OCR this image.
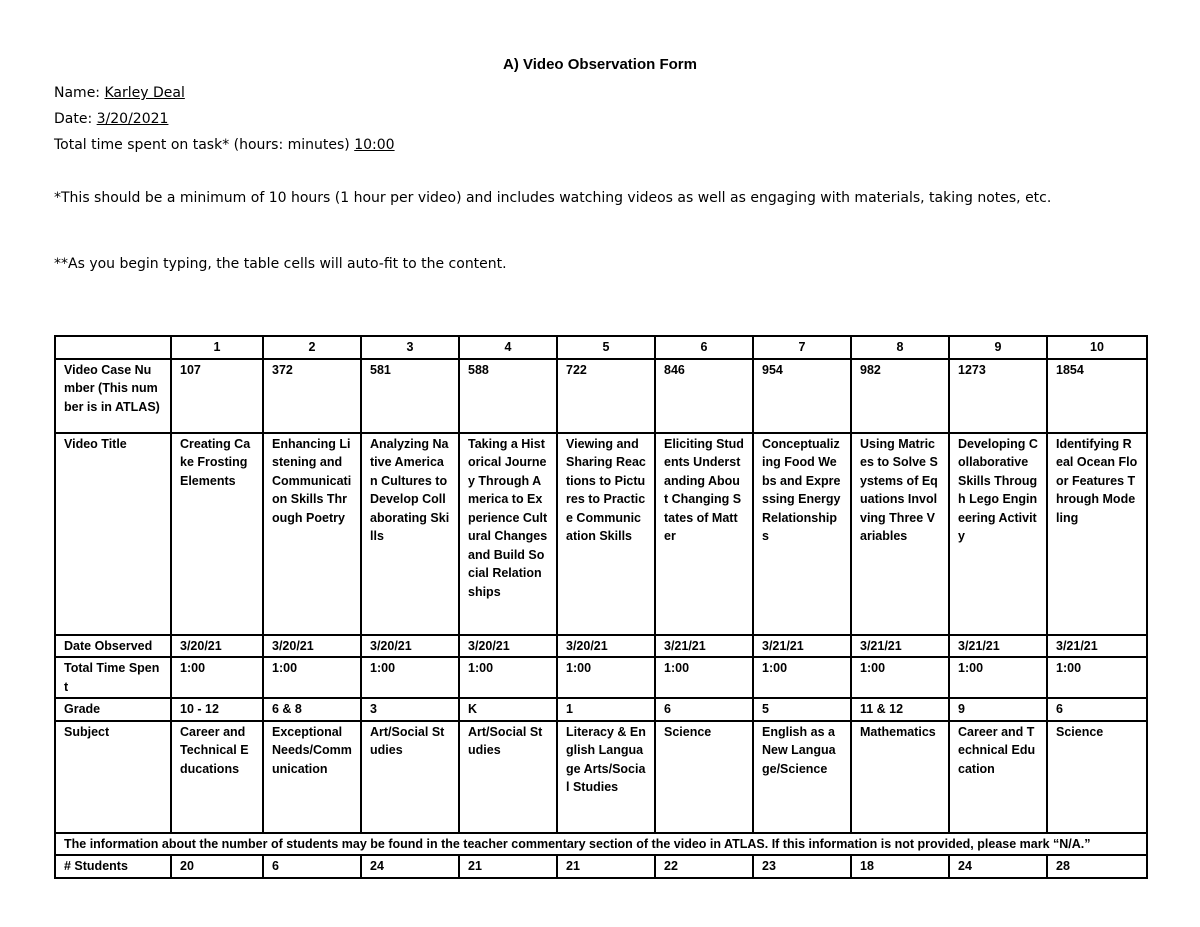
A) Video Observation Form
Name: Karley Deal
Date: 3/20/2021
Total time spent on task* (hours: minutes) 10:00
*This should be a minimum of 10 hours (1 hour per video) and includes watching videos as well as engaging with materials, taking notes, etc.
**As you begin typing, the table cells will auto-fit to the content.
	1	2	3	4	5	6	7	8	9	10
Video Case Number (This number is in ATLAS)	107	372	581	588	722	846	954	982	1273	1854
Video Title	Creating Cake Frosting Elements	Enhancing Listening and Communication Skills Through Poetry	Analyzing Native American Cultures to Develop Collaborating Skills	Taking a Historical Journey Through America to Experience Cultural Changes and Build Social Relationships	Viewing and Sharing Reactions to Pictures to Practice Communication Skills	Eliciting Students Understanding About Changing States of Matter	Conceptualizing Food Webs and Expressing Energy Relationships	Using Matrices to Solve Systems of Equations Involving Three Variables	Developing Collaborative Skills Through Lego Engineering Activity	Identifying Real Ocean Floor Features Through Modeling
Date Observed	3/20/21	3/20/21	3/20/21	3/20/21	3/20/21	3/21/21	3/21/21	3/21/21	3/21/21	3/21/21
Total Time Spent	1:00	1:00	1:00	1:00	1:00	1:00	1:00	1:00	1:00	1:00
Grade	10 - 12	6 & 8	3	K	1	6	5	11 & 12	9	6
Subject	Career and Technical Educations	Exceptional Needs/Communication	Art/Social Studies	Art/Social Studies	Literacy & English Language Arts/Social Studies	Science	English as a New Language/Science	Mathematics	Career and Technical Education	Science
The information about the number of students may be found in the teacher commentary section of the video in ATLAS. If this information is not provided, please mark “N/A.”										
# Students	20	6	24	21	21	22	23	18	24	28
